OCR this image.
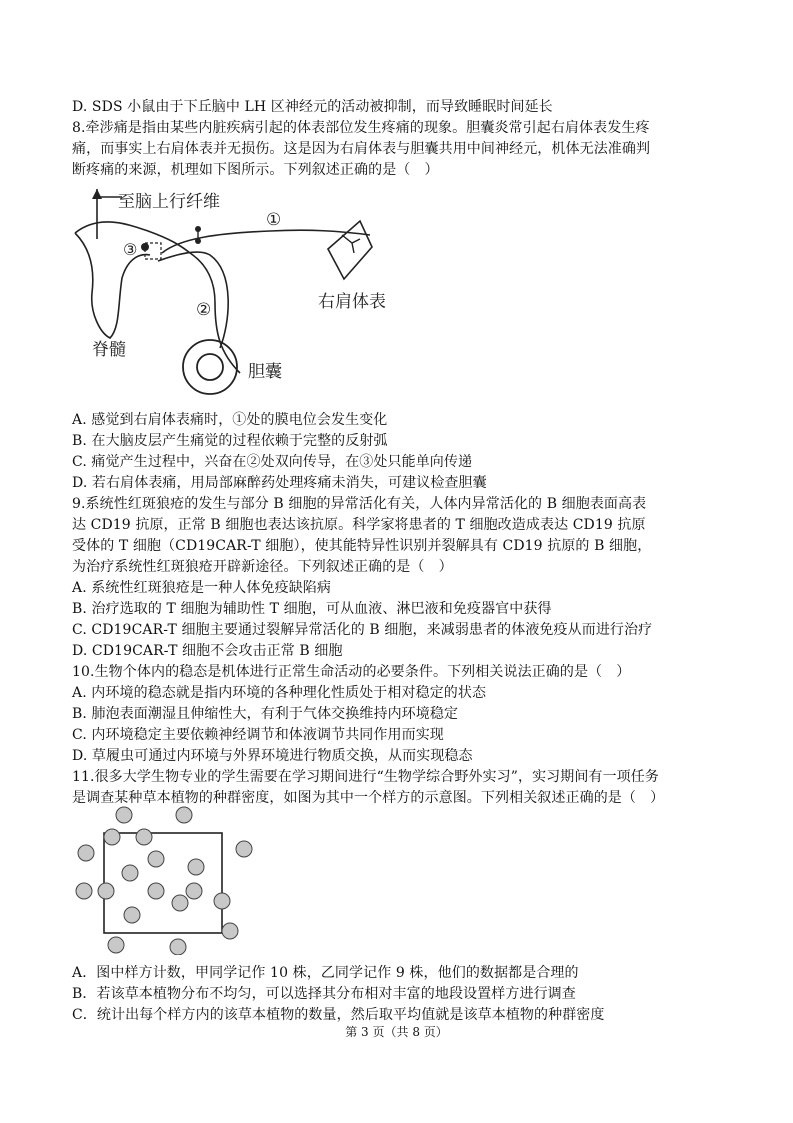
D. SDS 小鼠由于下丘脑中 LH 区神经元的活动被抑制，而导致睡眠时间延长
8.牵涉痛是指由某些内脏疾病引起的体表部位发生疼痛的现象。胆囊炎常引起右肩体表发生疼
痛，而事实上右肩体表并无损伤。这是因为右肩体表与胆囊共用中间神经元，机体无法准确判
断疼痛的来源，机理如下图所示。下列叙述正确的是（　）
至脑上行纤维
③
①
②	右肩体表
胆囊
脊髓
A. 感觉到右肩体表痛时，①处的膜电位会发生变化
B. 在大脑皮层产生痛觉的过程依赖于完整的反射弧
C. 痛觉产生过程中，兴奋在②处双向传导，在③处只能单向传递
D. 若右肩体表痛，用局部麻醉药处理疼痛未消失，可建议检查胆囊
9.系统性红斑狼疮的发生与部分 B 细胞的异常活化有关，人体内异常活化的 B 细胞表面高表
达 CD19 抗原，正常 B 细胞也表达该抗原。科学家将患者的 T 细胞改造成表达 CD19 抗原
受体的 T 细胞（CD19CAR-T 细胞），使其能特异性识别并裂解具有 CD19 抗原的 B 细胞，
为治疗系统性红斑狼疮开辟新途径。下列叙述正确的是（　）
A. 系统性红斑狼疮是一种人体免疫缺陷病
B. 治疗选取的 T 细胞为辅助性 T 细胞，可从血液、淋巴液和免疫器官中获得
C. CD19CAR-T 细胞主要通过裂解异常活化的 B 细胞，来减弱患者的体液免疫从而进行治疗
D. CD19CAR-T 细胞不会攻击正常 B 细胞
10.生物个体内的稳态是机体进行正常生命活动的必要条件。下列相关说法正确的是（　）
A. 内环境的稳态就是指内环境的各种理化性质处于相对稳定的状态
B. 肺泡表面潮湿且伸缩性大，有利于气体交换维持内环境稳定
C. 内环境稳定主要依赖神经调节和体液调节共同作用而实现
D. 草履虫可通过内环境与外界环境进行物质交换，从而实现稳态
11.很多大学生物专业的学生需要在学习期间进行“生物学综合野外实习”，实习期间有一项任务
是调查某种草本植物的种群密度，如图为其中一个样方的示意图。下列相关叙述正确的是（　）
A．图中样方计数，甲同学记作 10 株，乙同学记作 9 株，他们的数据都是合理的
B．若该草本植物分布不均匀，可以选择其分布相对丰富的地段设置样方进行调查
C．统计出每个样方内的该草本植物的数量，然后取平均值就是该草本植物的种群密度
第 3 页（共 8 页）
